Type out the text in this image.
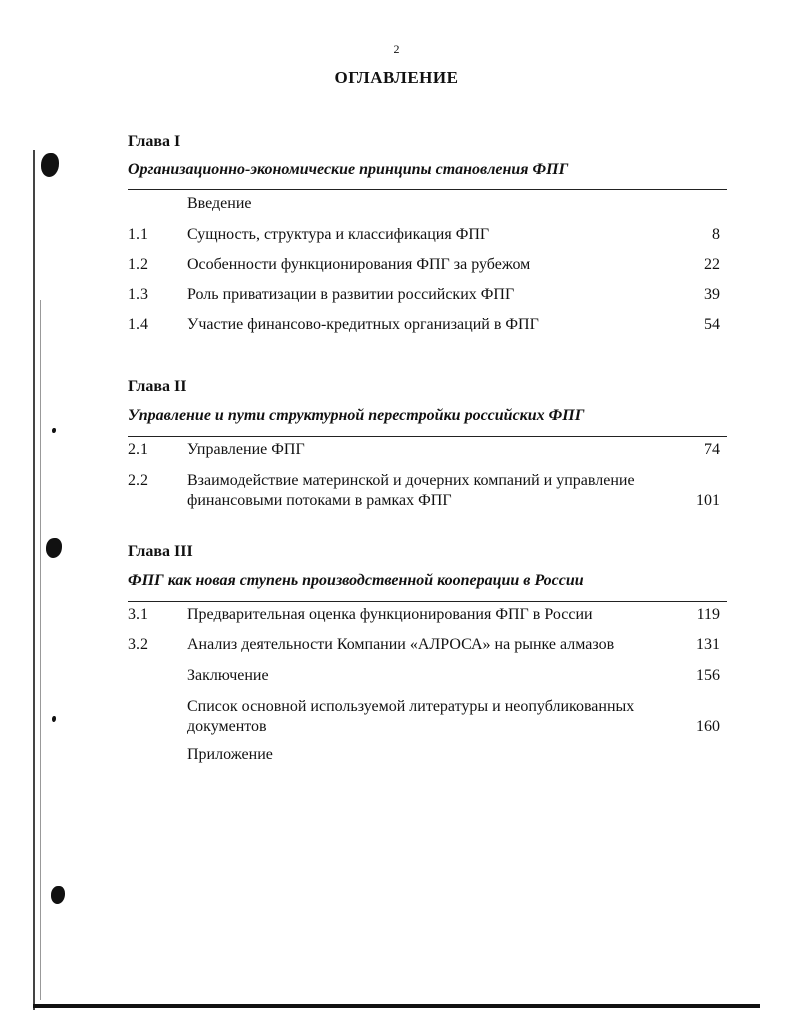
2
ОГЛАВЛЕНИЕ
Глава I
Организационно-экономические принципы становления ФПГ
Введение
1.1 Сущность, структура и классификация ФПГ	8
1.2 Особенности функционирования ФПГ за рубежом	22
1.3 Роль приватизации в развитии российских ФПГ	39
1.4 Участие финансово-кредитных организаций в ФПГ	54
Глава II
Управление и пути структурной перестройки российских ФПГ
2.1 Управление ФПГ	74
2.2 Взаимодействие материнской и дочерних компаний и управление финансовыми потоками в рамках ФПГ	101
Глава III
ФПГ как новая ступень производственной кооперации в России
3.1 Предварительная оценка функционирования ФПГ в России	119
3.2 Анализ деятельности Компании «АЛРОСА» на рынке алмазов	131
Заключение	156
Список основной используемой литературы и неопубликованных документов	160
Приложение
